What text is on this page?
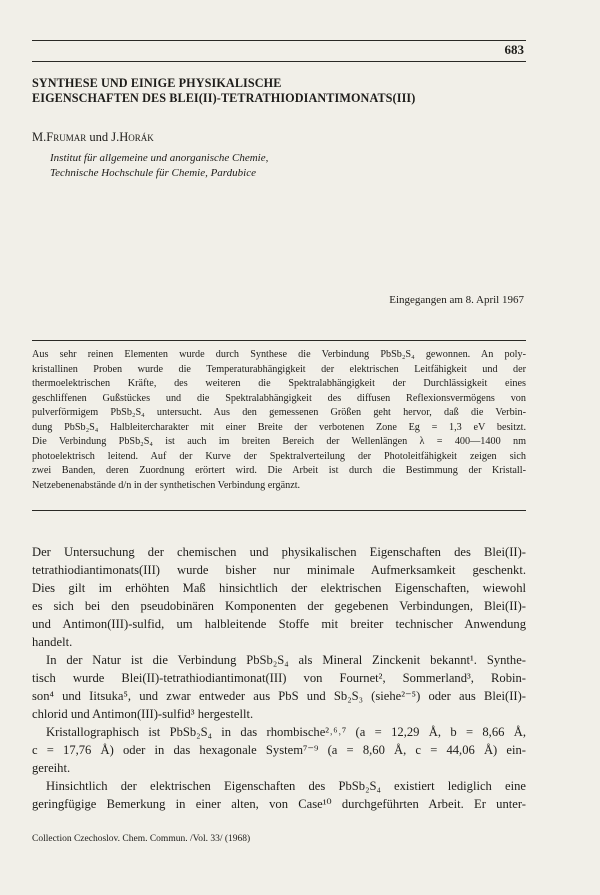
683
SYNTHESE UND EINIGE PHYSIKALISCHE
EIGENSCHAFTEN DES BLEI(II)-TETRATHIODIANTIMONATS(III)
M.Frumar und J.Horák
Institut für allgemeine und anorganische Chemie,
Technische Hochschule für Chemie, Pardubice
Eingegangen am 8. April 1967
Aus sehr reinen Elementen wurde durch Synthese die Verbindung PbSb₂S₄ gewonnen. An poly-
kristallinen Proben wurde die Temperaturabhängigkeit der elektrischen Leitfähigkeit und der
thermoelektrischen Kräfte, des weiteren die Spektralabhängigkeit der Durchlässigkeit eines
geschliffenen Gußstückes und die Spektralabhängigkeit des diffusen Reflexionsvermögens von
pulverförmigem PbSb₂S₄ untersucht. Aus den gemessenen Größen geht hervor, daß die Verbin-
dung PbSb₂S₄ Halbleitercharakter mit einer Breite der verbotenen Zone Eg = 1,3 eV besitzt.
Die Verbindung PbSb₂S₄ ist auch im breiten Bereich der Wellenlängen λ = 400—1400 nm
photoelektrisch leitend. Auf der Kurve der Spektralverteilung der Photoleitfähigkeit zeigen sich
zwei Banden, deren Zuordnung erörtert wird. Die Arbeit ist durch die Bestimmung der Kristall-
Netzebenenabstände d/n in der synthetischen Verbindung ergänzt.
Der Untersuchung der chemischen und physikalischen Eigenschaften des Blei(II)-
tetrathiodiantimonats(III) wurde bisher nur minimale Aufmerksamkeit geschenkt.
Dies gilt im erhöhten Maß hinsichtlich der elektrischen Eigenschaften, wiewohl
es sich bei den pseudobinären Komponenten der gegebenen Verbindungen, Blei(II)-
und Antimon(III)-sulfid, um halbleitende Stoffe mit breiter technischer Anwendung
handelt.
In der Natur ist die Verbindung PbSb₂S₄ als Mineral Zinckenit bekannt¹. Synthe-
tisch wurde Blei(II)-tetrathiodiantimonat(III) von Fournet², Sommerland³, Robin-
son⁴ und Iitsuka⁵, und zwar entweder aus PbS und Sb₂S₃ (siehe²⁻⁵) oder aus Blei(II)-
chlorid und Antimon(III)-sulfid³ hergestellt.
Kristallographisch ist PbSb₂S₄ in das rhombische²˒⁶˒⁷ (a = 12,29 Å, b = 8,66 Å,
c = 17,76 Å) oder in das hexagonale System⁷⁻⁹ (a = 8,60 Å, c = 44,06 Å) ein-
gereiht.
Hinsichtlich der elektrischen Eigenschaften des PbSb₂S₄ existiert lediglich eine
geringfügige Bemerkung in einer alten, von Case¹⁰ durchgeführten Arbeit. Er unter-
Collection Czechoslov. Chem. Commun. /Vol. 33/ (1968)
